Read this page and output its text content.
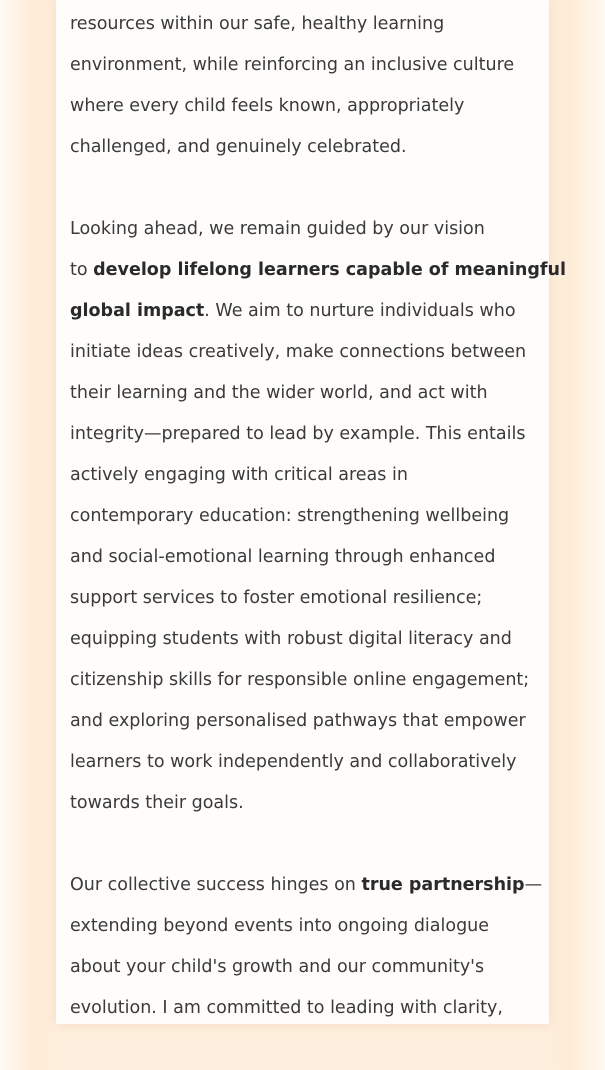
resources within our safe, healthy learning
environment, while reinforcing an inclusive culture
where every child feels known, appropriately
challenged, and genuinely celebrated.

Looking ahead, we remain guided by our vision
to develop lifelong learners capable of meaningful
global impact. We aim to nurture individuals who
initiate ideas creatively, make connections between
their learning and the wider world, and act with
integrity—prepared to lead by example. This entails
actively engaging with critical areas in
contemporary education: strengthening wellbeing
and social-emotional learning through enhanced
support services to foster emotional resilience;
equipping students with robust digital literacy and
citizenship skills for responsible online engagement;
and exploring personalised pathways that empower
learners to work independently and collaboratively
towards their goals.

Our collective success hinges on true partnership—
extending beyond events into ongoing dialogue
about your child's growth and our community's
evolution. I am committed to leading with clarity,
